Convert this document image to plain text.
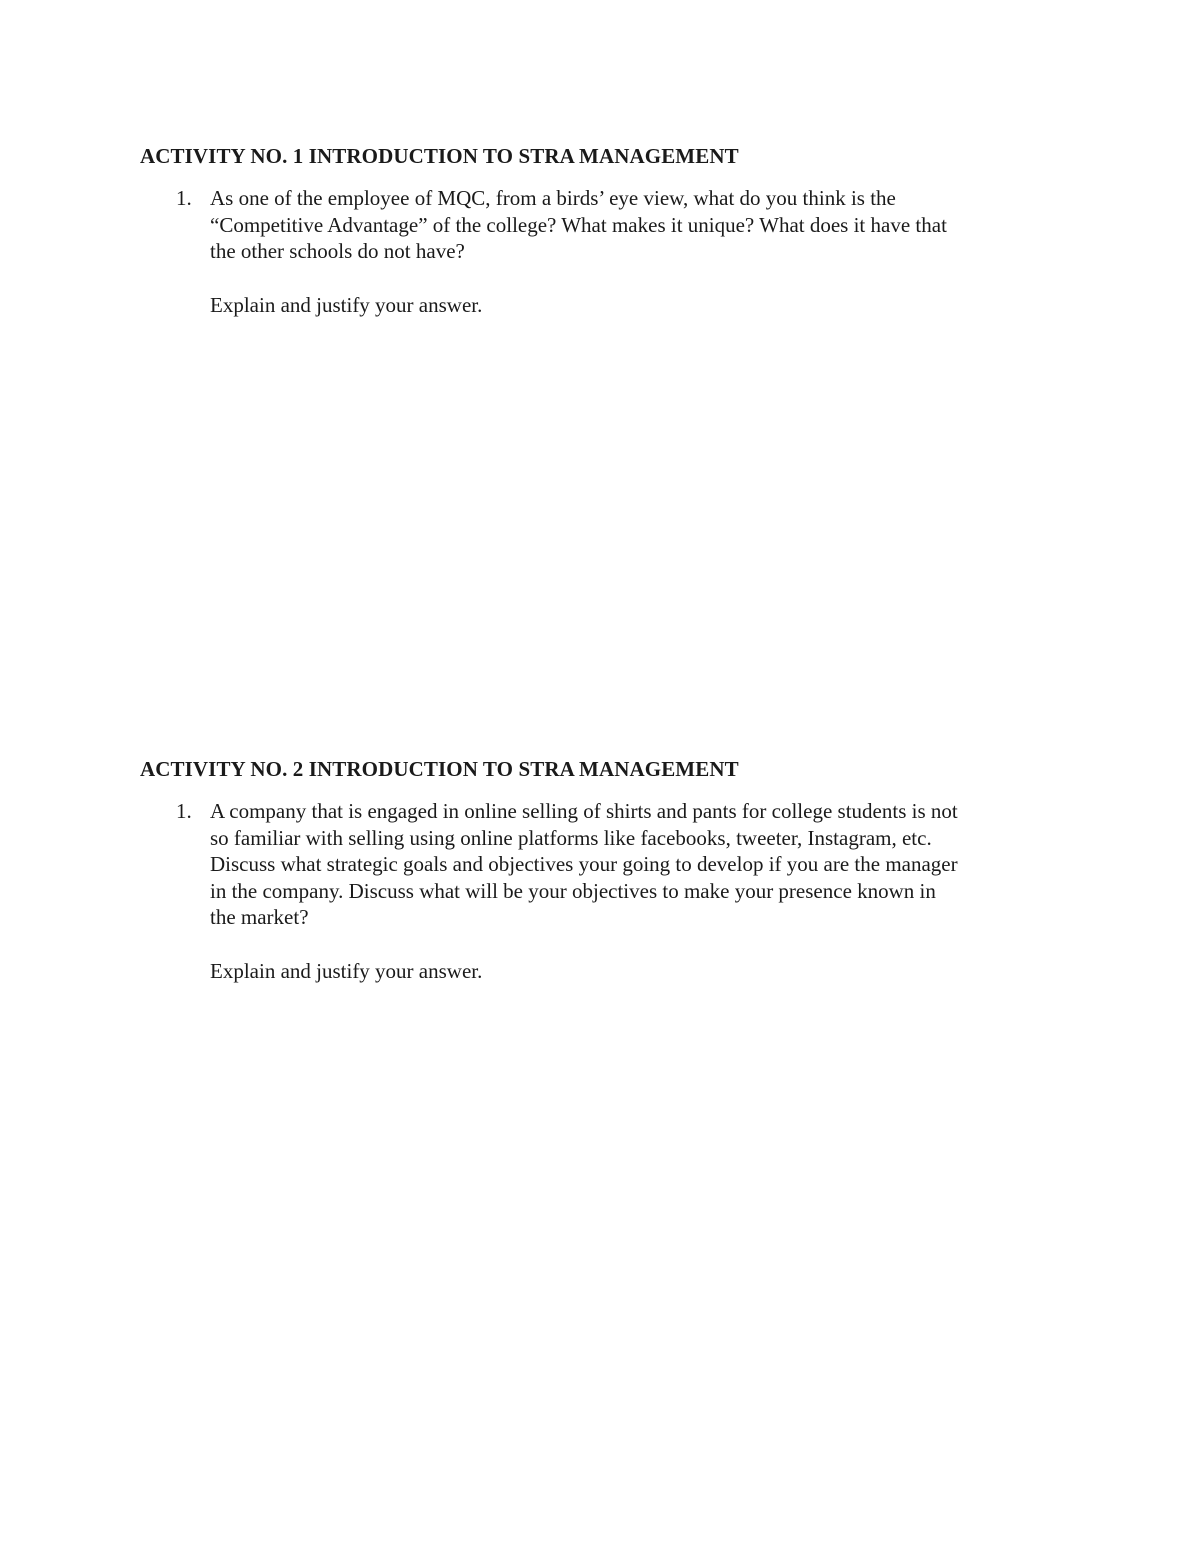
ACTIVITY NO. 1 INTRODUCTION TO STRA MANAGEMENT
1. As one of the employee of MQC, from a birds’ eye view, what do you think is the
“Competitive Advantage” of the college? What makes it unique? What does it have that
the other schools do not have?

Explain and justify your answer.

ACTIVITY NO. 2 INTRODUCTION TO STRA MANAGEMENT
1. A company that is engaged in online selling of shirts and pants for college students is not
so familiar with selling using online platforms like facebooks, tweeter, Instagram, etc.
Discuss what strategic goals and objectives your going to develop if you are the manager
in the company. Discuss what will be your objectives to make your presence known in
the market?

Explain and justify your answer.
